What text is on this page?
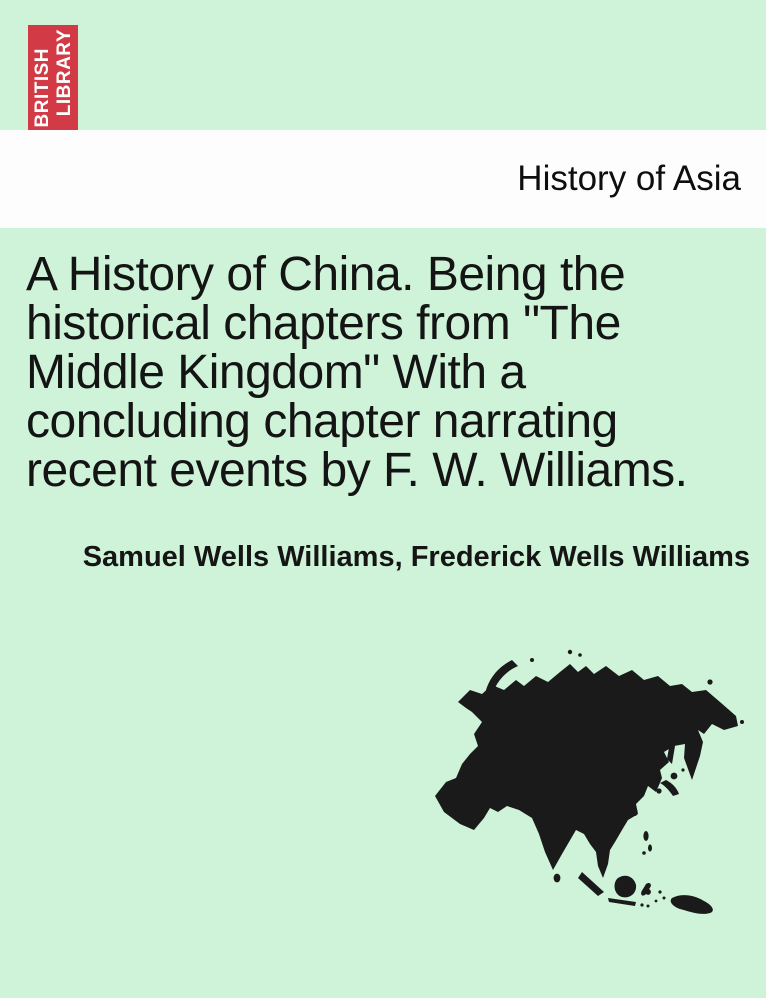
BRITISH LIBRARY
History of Asia
A History of China. Being the
historical chapters from "The
Middle Kingdom" With a
concluding chapter narrating
recent events by F. W. Williams.
Samuel Wells Williams, Frederick Wells Williams
